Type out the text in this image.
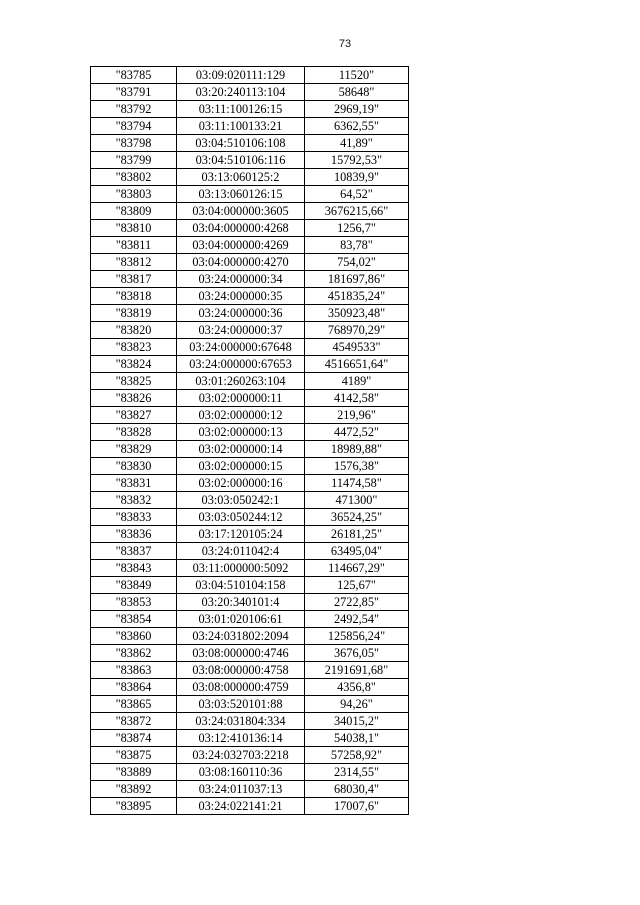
73
"83785	03:09:020111:129	11520"
"83791	03:20:240113:104	58648"
"83792	03:11:100126:15	2969,19"
"83794	03:11:100133:21	6362,55"
"83798	03:04:510106:108	41,89"
"83799	03:04:510106:116	15792,53"
"83802	03:13:060125:2	10839,9"
"83803	03:13:060126:15	64,52"
"83809	03:04:000000:3605	3676215,66"
"83810	03:04:000000:4268	1256,7"
"83811	03:04:000000:4269	83,78"
"83812	03:04:000000:4270	754,02"
"83817	03:24:000000:34	181697,86"
"83818	03:24:000000:35	451835,24"
"83819	03:24:000000:36	350923,48"
"83820	03:24:000000:37	768970,29"
"83823	03:24:000000:67648	4549533"
"83824	03:24:000000:67653	4516651,64"
"83825	03:01:260263:104	4189"
"83826	03:02:000000:11	4142,58"
"83827	03:02:000000:12	219,96"
"83828	03:02:000000:13	4472,52"
"83829	03:02:000000:14	18989,88"
"83830	03:02:000000:15	1576,38"
"83831	03:02:000000:16	11474,58"
"83832	03:03:050242:1	471300"
"83833	03:03:050244:12	36524,25"
"83836	03:17:120105:24	26181,25"
"83837	03:24:011042:4	63495,04"
"83843	03:11:000000:5092	114667,29"
"83849	03:04:510104:158	125,67"
"83853	03:20:340101:4	2722,85"
"83854	03:01:020106:61	2492,54"
"83860	03:24:031802:2094	125856,24"
"83862	03:08:000000:4746	3676,05"
"83863	03:08:000000:4758	2191691,68"
"83864	03:08:000000:4759	4356,8"
"83865	03:03:520101:88	94,26"
"83872	03:24:031804:334	34015,2"
"83874	03:12:410136:14	54038,1"
"83875	03:24:032703:2218	57258,92"
"83889	03:08:160110:36	2314,55"
"83892	03:24:011037:13	68030,4"
"83895	03:24:022141:21	17007,6"
